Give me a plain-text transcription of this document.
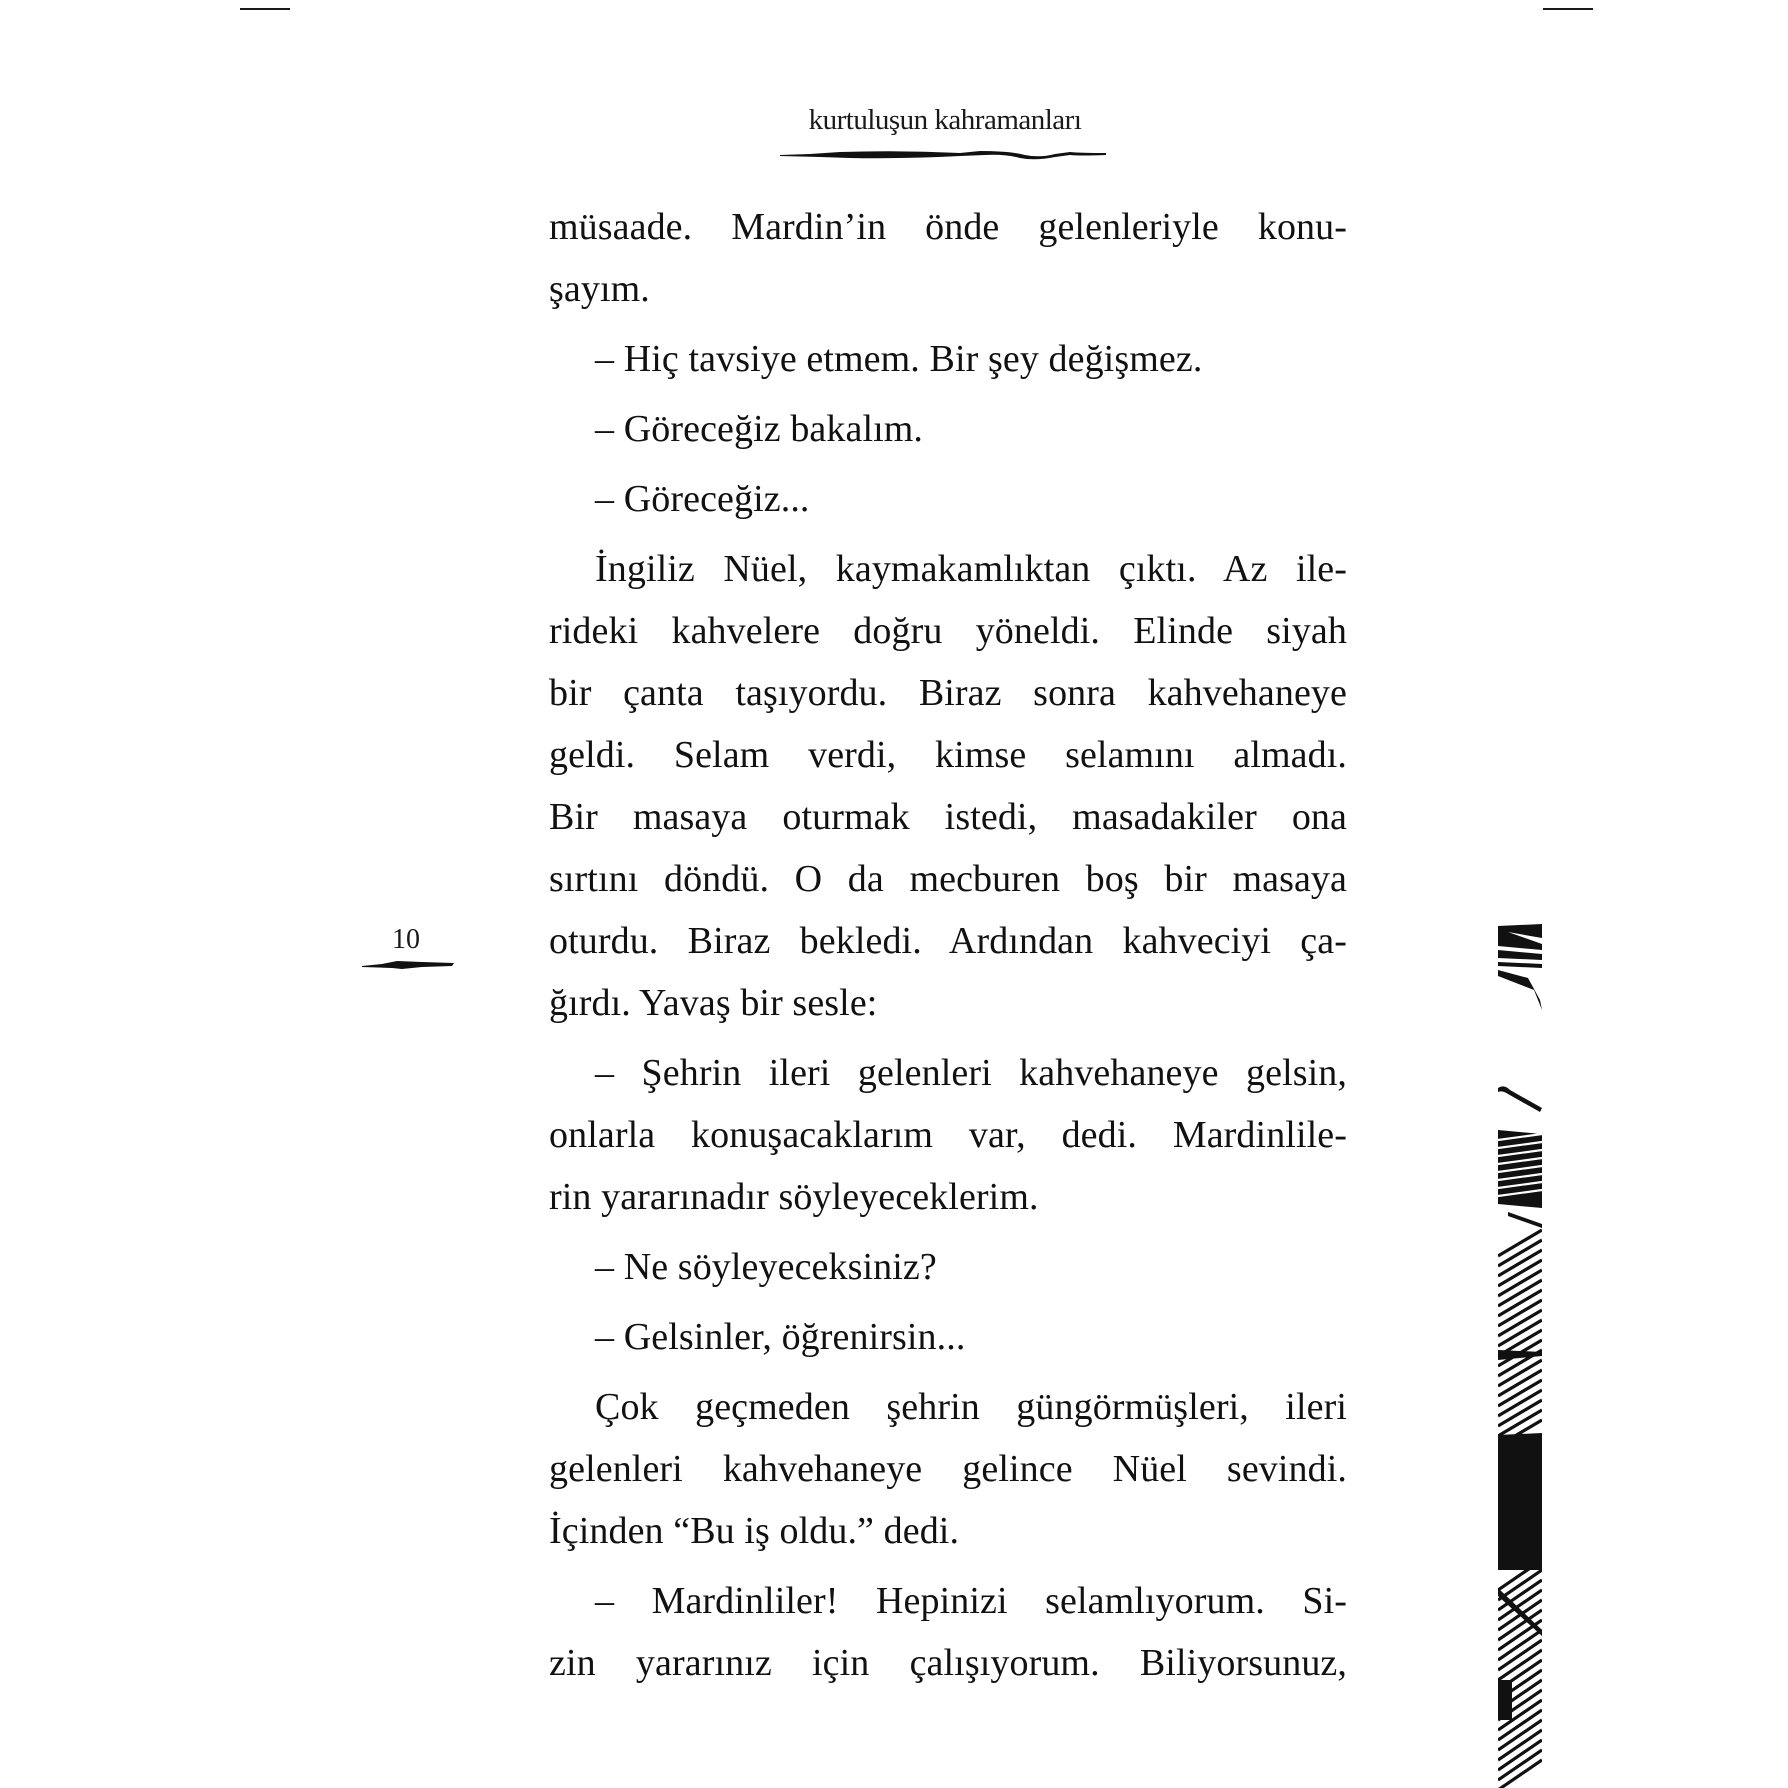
kurtuluşun kahramanları
10
müsaade. Mardin’in önde gelenleriyle konu-
şayım.
– Hiç tavsiye etmem. Bir şey değişmez.
– Göreceğiz bakalım.
– Göreceğiz...
İngiliz Nüel, kaymakamlıktan çıktı. Az ile-
rideki kahvelere doğru yöneldi. Elinde siyah
bir çanta taşıyordu. Biraz sonra kahvehaneye
geldi. Selam verdi, kimse selamını almadı.
Bir masaya oturmak istedi, masadakiler ona
sırtını döndü. O da mecburen boş bir masaya
oturdu. Biraz bekledi. Ardından kahveciyi ça-
ğırdı. Yavaş bir sesle:
– Şehrin ileri gelenleri kahvehaneye gelsin,
onlarla konuşacaklarım var, dedi. Mardinlile-
rin yararınadır söyleyeceklerim.
– Ne söyleyeceksiniz?
– Gelsinler, öğrenirsin...
Çok geçmeden şehrin güngörmüşleri, ileri
gelenleri kahvehaneye gelince Nüel sevindi.
İçinden “Bu iş oldu.” dedi.
– Mardinliler! Hepinizi selamlıyorum. Si-
zin yararınız için çalışıyorum. Biliyorsunuz,
